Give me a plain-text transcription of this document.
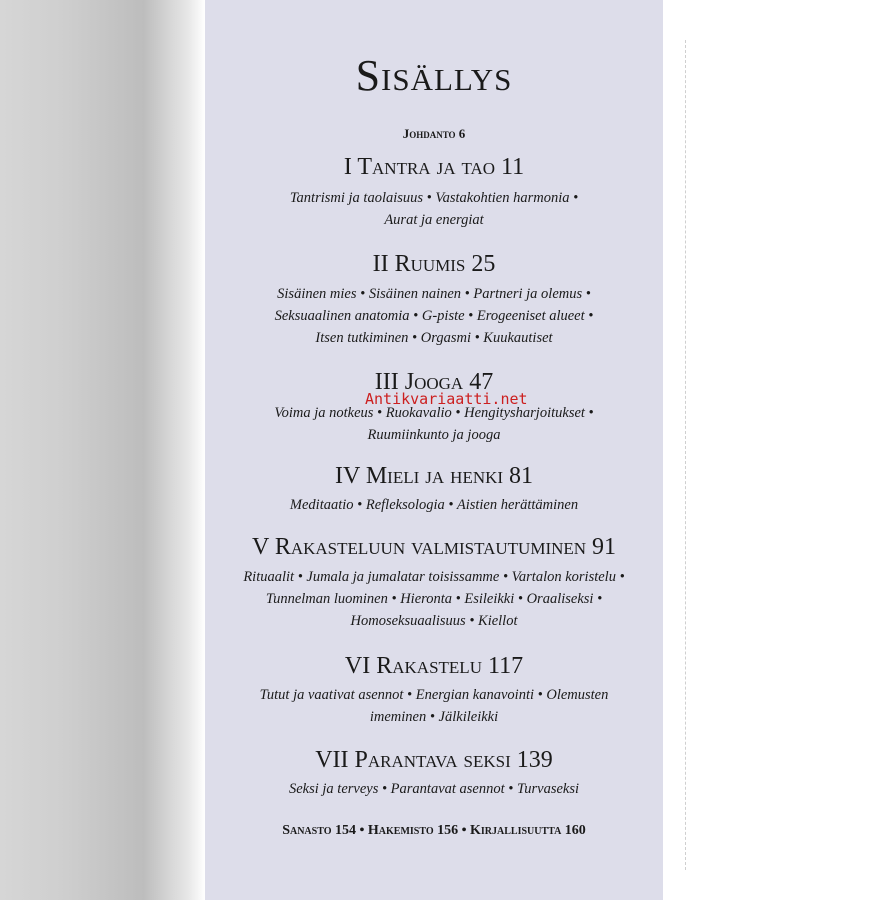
Sisällys
Johdanto 6
I Tantra ja tao 11

Tantrismi ja taolaisuus • Vastakohtien harmonia •

Aurat ja energiat

II Ruumis 25

Sisäinen mies • Sisäinen nainen • Partneri ja olemus •

Seksuaalinen anatomia • G-piste • Erogeeniset alueet •

Itsen tutkiminen • Orgasmi • Kuukautiset

III Jooga 47

Voima ja notkeus • Ruokavalio • Hengitysharjoitukset •

Ruumiinkunto ja jooga

IV Mieli ja henki 81

Meditaatio • Refleksologia • Aistien herättäminen

V Rakasteluun valmistautuminen 91

Rituaalit • Jumala ja jumalatar toisissamme • Vartalon koristelu •

Tunnelman luominen • Hieronta • Esileikki • Oraaliseksi •

Homoseksuaalisuus • Kiellot

VI Rakastelu 117

Tutut ja vaativat asennot • Energian kanavointi • Olemusten

imeminen • Jälkileikki

VII Parantava seksi 139

Seksi ja terveys • Parantavat asennot • Turvaseksi

Sanasto 154 • Hakemisto 156 • Kirjallisuutta 160
Antikvariaatti.net
